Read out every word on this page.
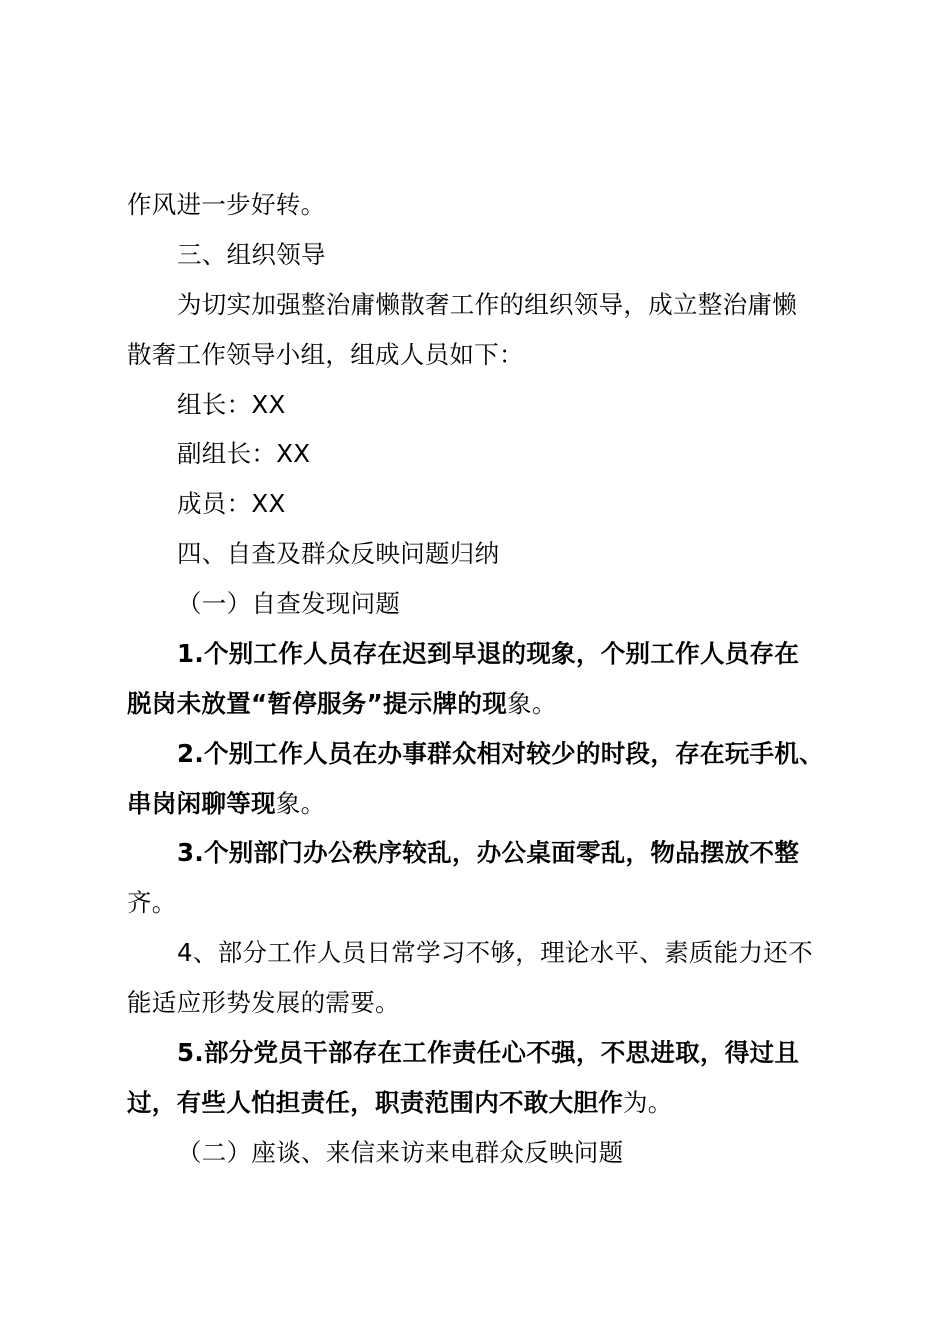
作风进一步好转。
三、组织领导
为切实加强整治庸懒散奢工作的组织领导，成立整治庸懒
散奢工作领导小组，组成人员如下：
组长：XX
副组长：XX
成员：XX
四、自查及群众反映问题归纳
（一）自查发现问题
1.个别工作人员存在迟到早退的现象，个别工作人员存在
脱岗未放置“暂停服务”提示牌的现象。
2.个别工作人员在办事群众相对较少的时段，存在玩手机、
串岗闲聊等现象。
3.个别部门办公秩序较乱，办公桌面零乱，物品摆放不整
齐。
4、部分工作人员日常学习不够，理论水平、素质能力还不
能适应形势发展的需要。
5.部分党员干部存在工作责任心不强，不思进取，得过且
过，有些人怕担责任，职责范围内不敢大胆作为。
（二）座谈、来信来访来电群众反映问题
